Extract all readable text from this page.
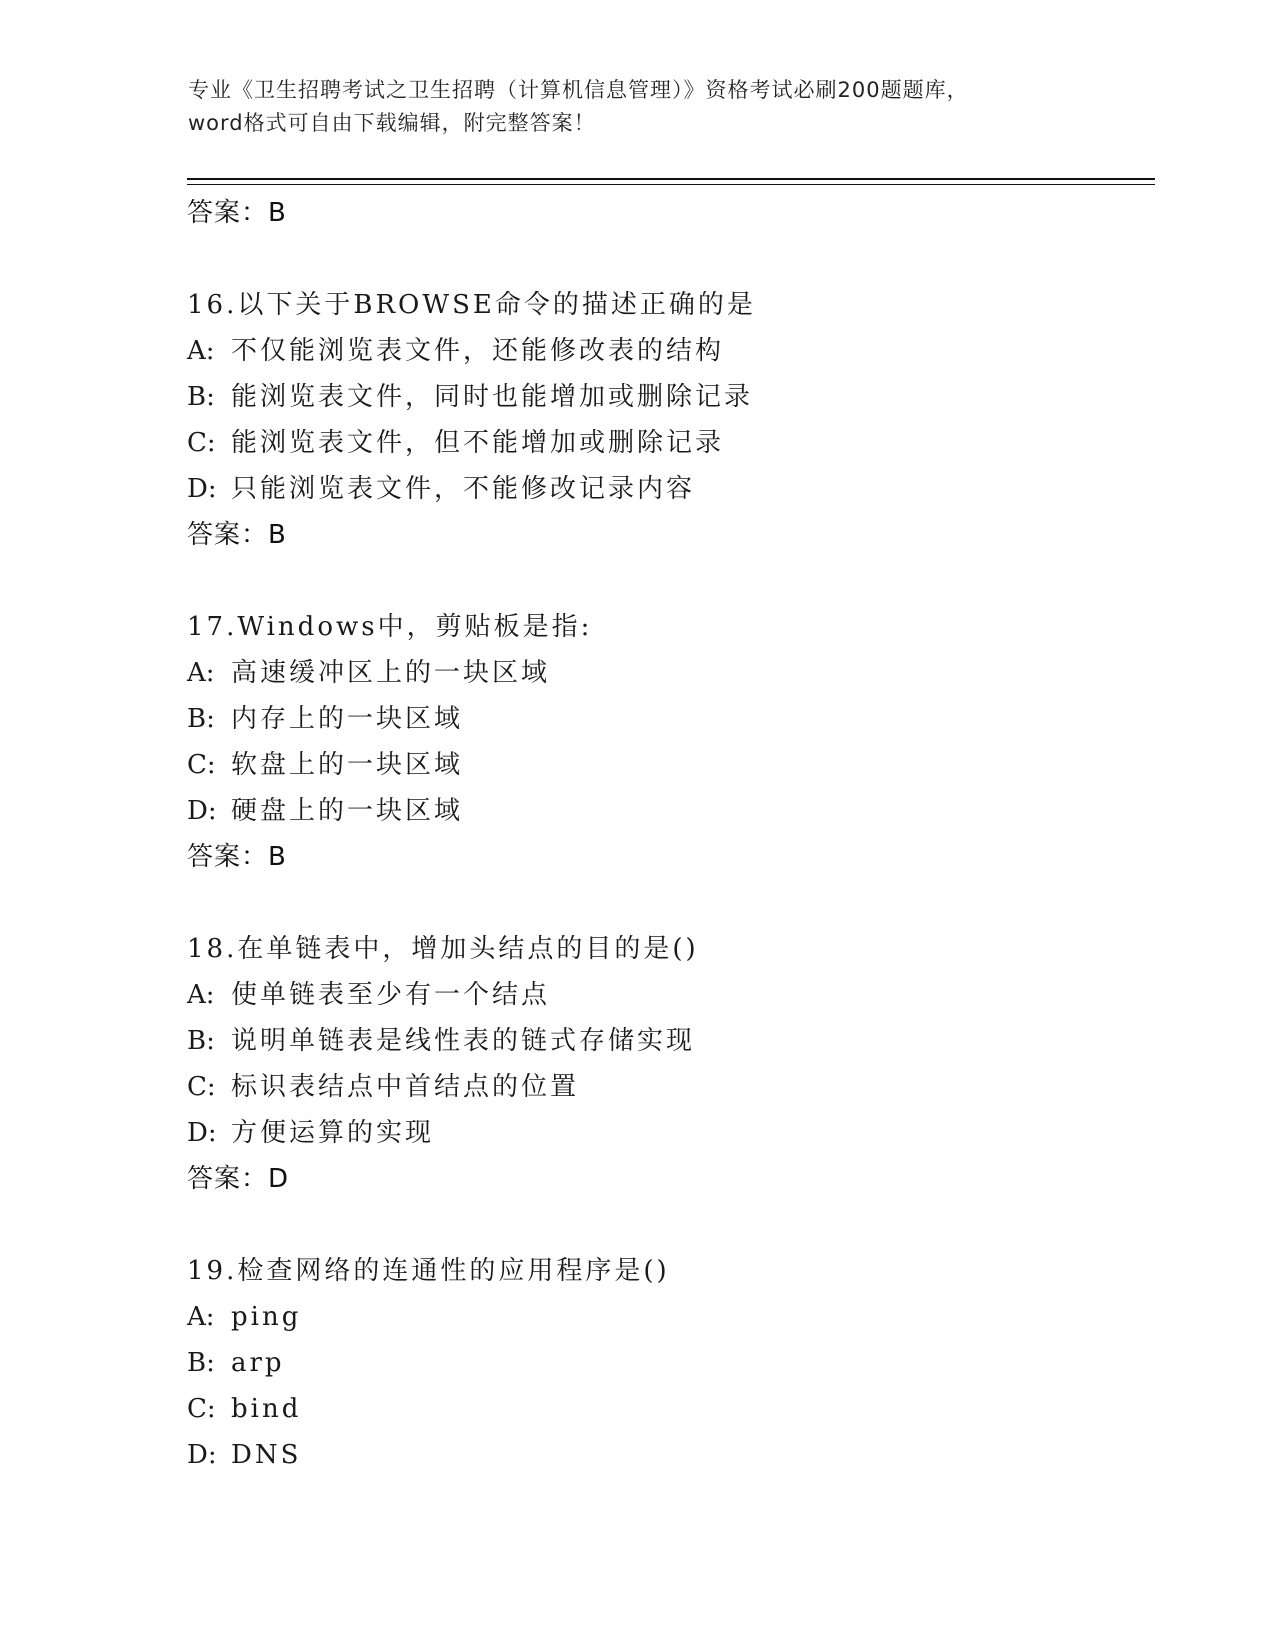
专业《卫生招聘考试之卫生招聘（计算机信息管理）》资格考试必刷200题题库，
word格式可自由下载编辑，附完整答案！
答案：B
16.以下关于BROWSE命令的描述正确的是
A: 不仅能浏览表文件，还能修改表的结构
B: 能浏览表文件，同时也能增加或删除记录
C: 能浏览表文件，但不能增加或删除记录
D: 只能浏览表文件，不能修改记录内容
答案：B
17.Windows中，剪贴板是指:
A: 高速缓冲区上的一块区域
B: 内存上的一块区域
C: 软盘上的一块区域
D: 硬盘上的一块区域
答案：B
18.在单链表中，增加头结点的目的是()
A: 使单链表至少有一个结点
B: 说明单链表是线性表的链式存储实现
C: 标识表结点中首结点的位置
D: 方便运算的实现
答案：D
19.检查网络的连通性的应用程序是()
A: ping
B: arp
C: bind
D: DNS
